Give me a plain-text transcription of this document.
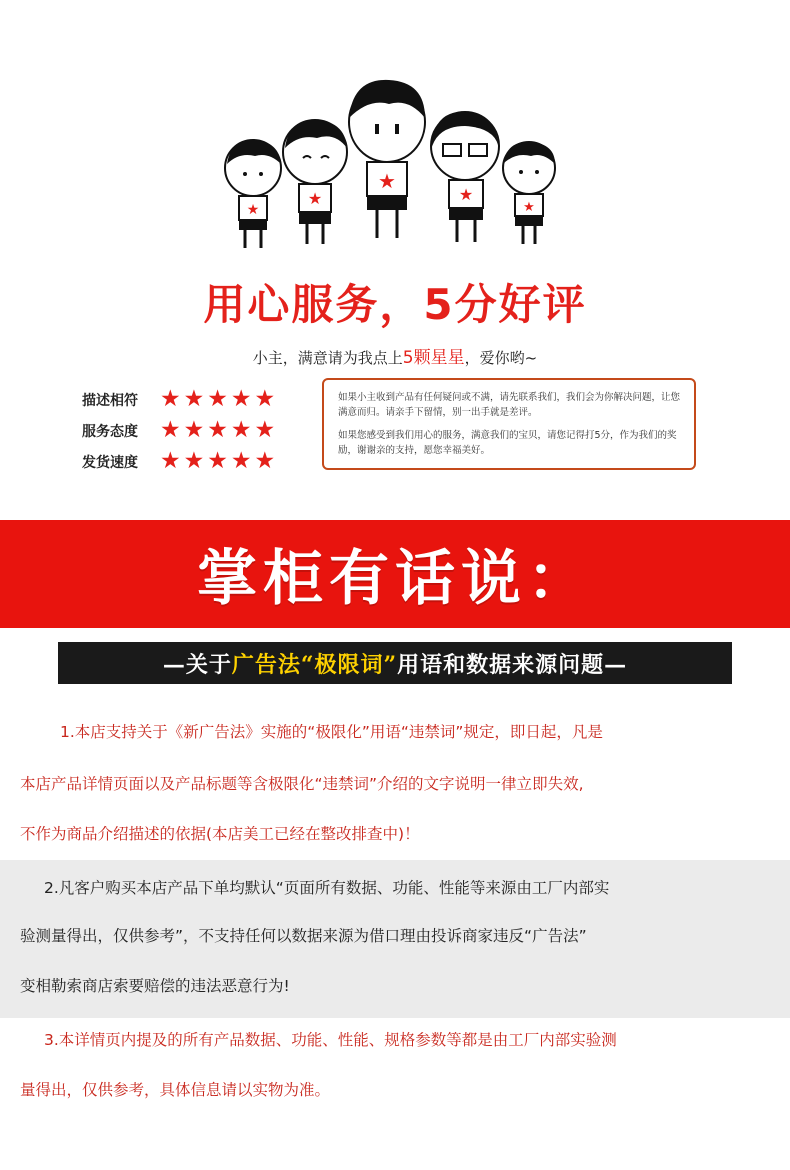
★
★
★
★
★
用心服务，5分好评
小主，满意请为我点上5颗星星，爱你哟~
描述相符 ★★★★★
服务态度 ★★★★★
发货速度 ★★★★★

如果小主收到产品有任何疑问或不满，请先联系我们，我们会为你解决问题，让您满意而归。请亲手下留情，别一出手就是差评。

如果您感受到我们用心的服务，满意我们的宝贝，请您记得打5分，作为我们的奖励，谢谢亲的支持，愿您幸福美好。

掌柜有话说：
—关于 广告法“极限词” 用语和数据来源问题—
1.本店支持关于《新广告法》实施的“极限化”用语“违禁词”规定，即日起，凡是
本店产品详情页面以及产品标题等含极限化“违禁词”介绍的文字说明一律立即失效,
不作为商品介绍描述的依据(本店美工已经在整改排查中)！
2.凡客户购买本店产品下单均默认“页面所有数据、功能、性能等来源由工厂内部实
验测量得出，仅供参考”，不支持任何以数据来源为借口理由投诉商家违反“广告法”
变相勒索商店索要赔偿的违法恶意行为!
3.本详情页内提及的所有产品数据、功能、性能、规格参数等都是由工厂内部实验测
量得出，仅供参考，具体信息请以实物为准。
